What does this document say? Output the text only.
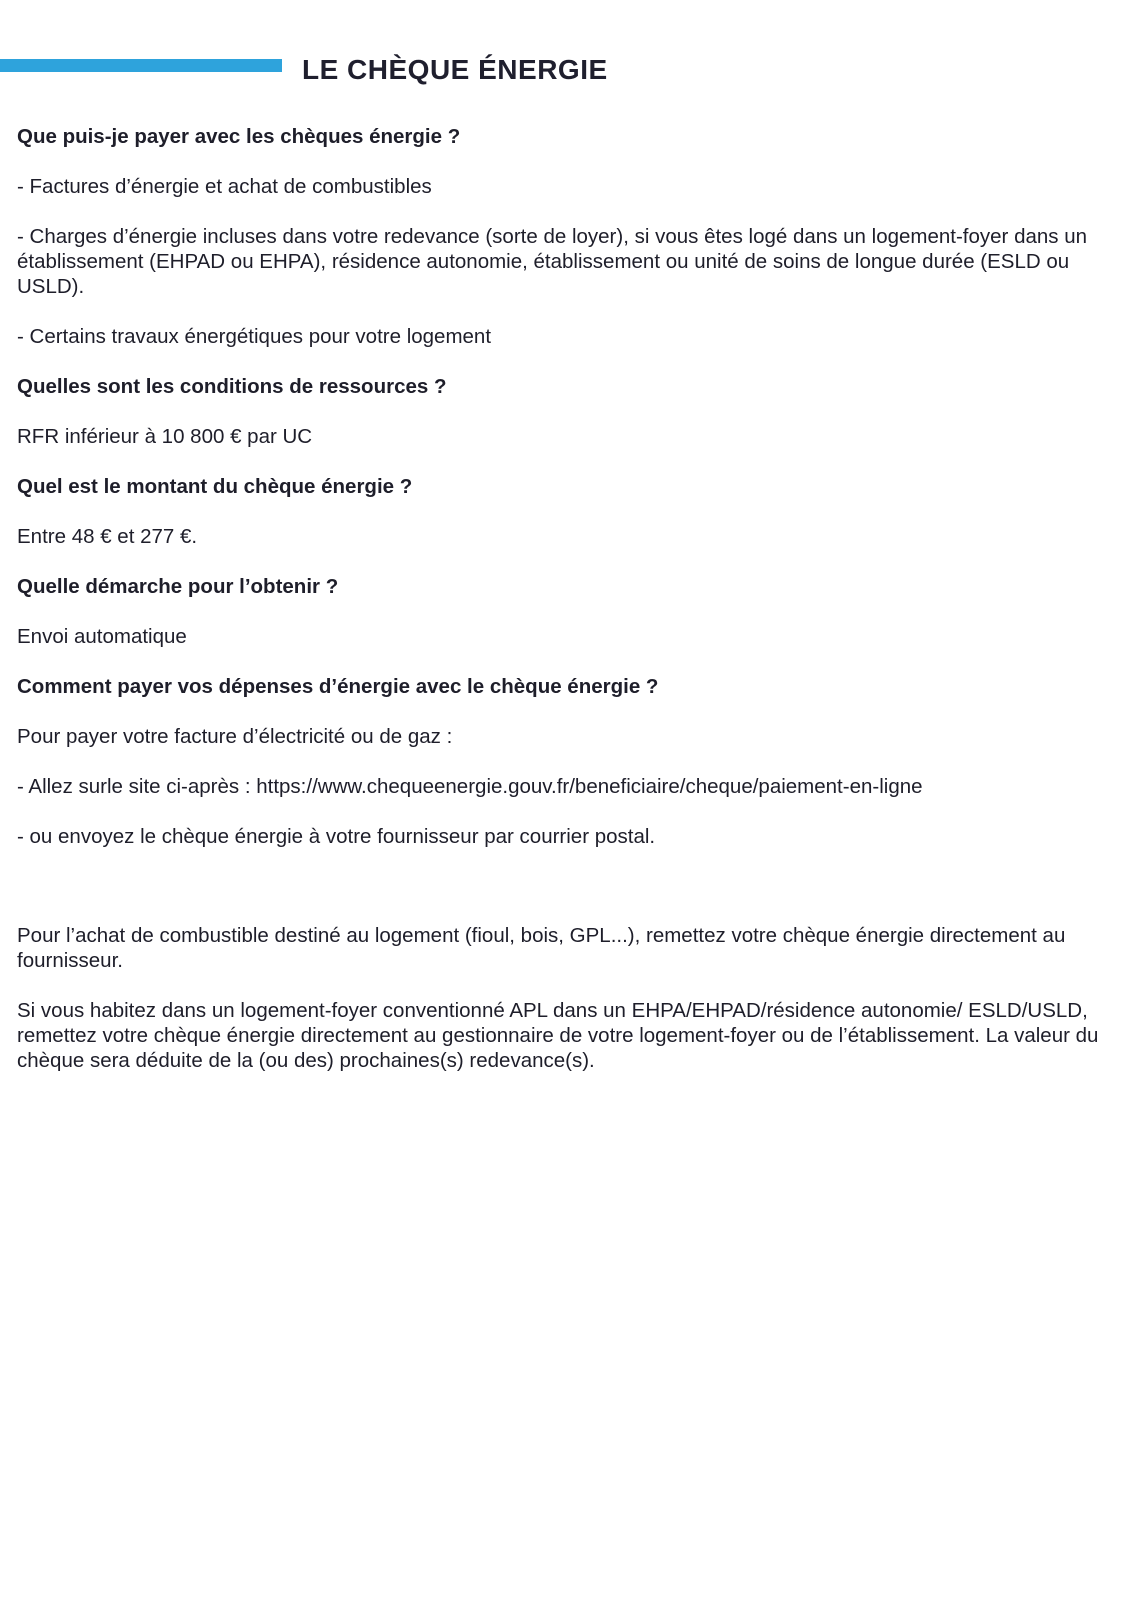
LE CHÈQUE ÉNERGIE

Que puis-je payer avec les chèques énergie ?

- Factures d’énergie et achat de combustibles

- Charges d’énergie incluses dans votre redevance (sorte de loyer), si vous êtes logé dans un logement-foyer dans un établissement (EHPAD ou EHPA), résidence autonomie, établissement ou unité de soins de longue durée (ESLD ou USLD).

- Certains travaux énergétiques pour votre logement

Quelles sont les conditions de ressources ?

RFR inférieur à 10 800 € par UC

Quel est le montant du chèque énergie ?

Entre 48 € et 277 €.

Quelle démarche pour l’obtenir ?

Envoi automatique

Comment payer vos dépenses d’énergie avec le chèque énergie ?

Pour payer votre facture d’électricité ou de gaz :

- Allez surle site ci-après : https://www.chequeenergie.gouv.fr/beneficiaire/cheque/paiement-en-ligne

- ou envoyez le chèque énergie à votre fournisseur par courrier postal.

Pour l’achat de combustible destiné au logement (fioul, bois, GPL...), remettez votre chèque énergie directement au fournisseur.

Si vous habitez dans un logement-foyer conventionné APL dans un EHPA/EHPAD/résidence autonomie/ ESLD/USLD, remettez votre chèque énergie directement au gestionnaire de votre logement-foyer ou de l’établissement. La valeur du chèque sera déduite de la (ou des) prochaines(s) redevance(s).
